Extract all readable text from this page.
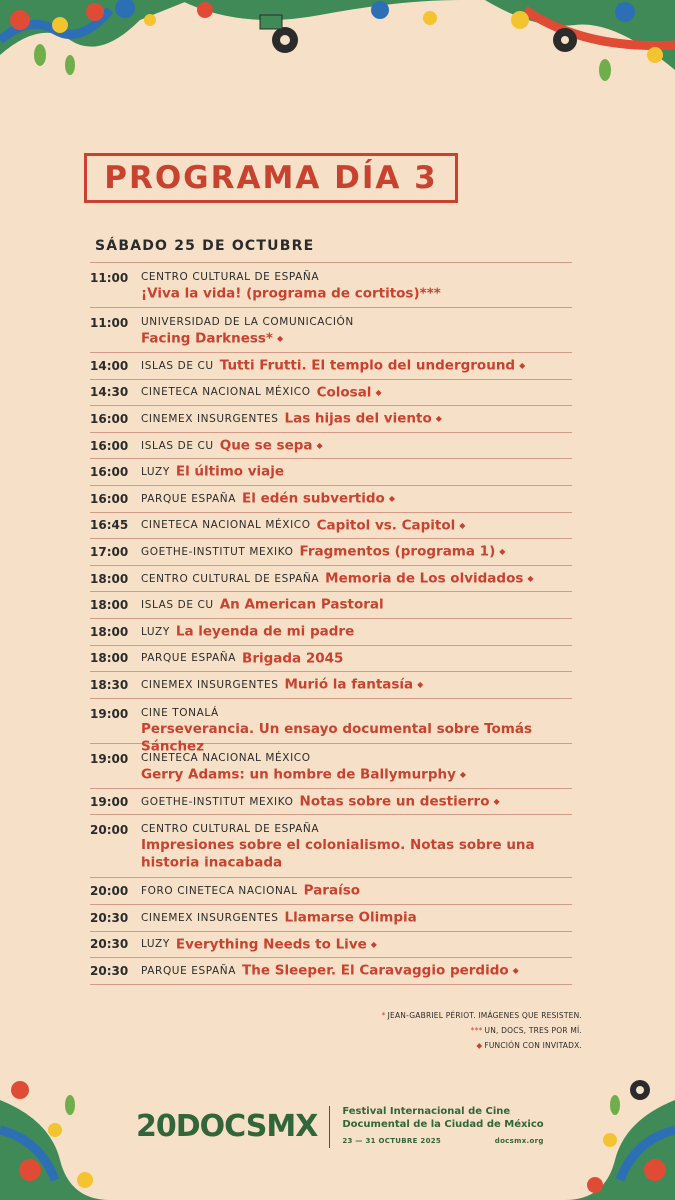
PROGRAMA DÍA 3
SÁBADO 25 DE OCTUBRE
11:00	CENTRO CULTURAL DE ESPAÑA
¡Viva la vida! (programa de cortitos)***
11:00	UNIVERSIDAD DE LA COMUNICACIÓN
Facing Darkness* ◆
14:00	ISLAS DE CU Tutti Frutti. El templo del underground ◆
14:30	CINETECA NACIONAL MÉXICO Colosal ◆
16:00	CINEMEX INSURGENTES Las hijas del viento ◆
16:00	ISLAS DE CU Que se sepa ◆
16:00	LUZY El último viaje
16:00	PARQUE ESPAÑA El edén subvertido ◆
16:45	CINETECA NACIONAL MÉXICO Capitol vs. Capitol ◆
17:00	GOETHE-INSTITUT MEXIKO Fragmentos (programa 1) ◆
18:00	CENTRO CULTURAL DE ESPAÑA Memoria de Los olvidados ◆
18:00	ISLAS DE CU An American Pastoral
18:00	LUZY La leyenda de mi padre
18:00	PARQUE ESPAÑA Brigada 2045
18:30	CINEMEX INSURGENTES Murió la fantasía ◆
19:00	CINE TONALÁ
Perseverancia. Un ensayo documental sobre Tomás Sánchez
19:00	CINETECA NACIONAL MÉXICO
Gerry Adams: un hombre de Ballymurphy ◆
19:00	GOETHE-INSTITUT MEXIKO Notas sobre un destierro ◆
20:00	CENTRO CULTURAL DE ESPAÑA
Impresiones sobre el colonialismo. Notas sobre una historia inacabada
20:00	FORO CINETECA NACIONAL Paraíso
20:30	CINEMEX INSURGENTES Llamarse Olimpia
20:30	LUZY Everything Needs to Live ◆
20:30	PARQUE ESPAÑA The Sleeper. El Caravaggio perdido ◆
* JEAN-GABRIEL PÉRIOT. IMÁGENES QUE RESISTEN.
*** UN, DOCS, TRES POR MÍ.
◆ FUNCIÓN CON INVITADX.
20DOCSMX	Festival Internacional de Cine
Documental de la Ciudad de México
23 — 31 OCTUBRE 2025	docsmx.org
